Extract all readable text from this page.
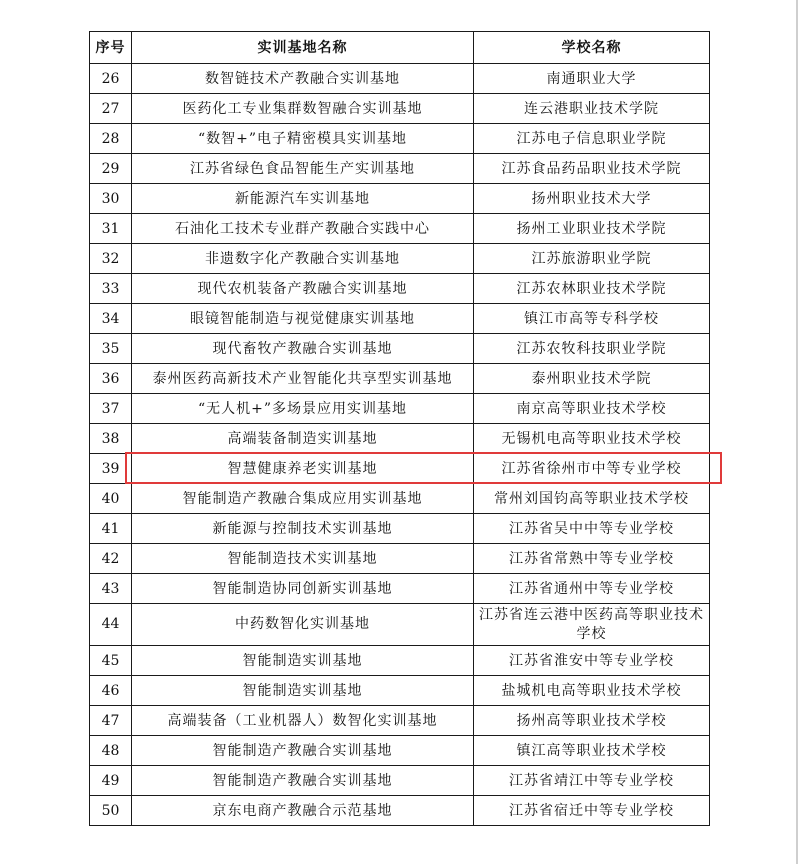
序号	实训基地名称	学校名称
26	数智链技术产教融合实训基地	南通职业大学
27	医药化工专业集群数智融合实训基地	连云港职业技术学院
28	“数智+”电子精密模具实训基地	江苏电子信息职业学院
29	江苏省绿色食品智能生产实训基地	江苏食品药品职业技术学院
30	新能源汽车实训基地	扬州职业技术大学
31	石油化工技术专业群产教融合实践中心	扬州工业职业技术学院
32	非遗数字化产教融合实训基地	江苏旅游职业学院
33	现代农机装备产教融合实训基地	江苏农林职业技术学院
34	眼镜智能制造与视觉健康实训基地	镇江市高等专科学校
35	现代畜牧产教融合实训基地	江苏农牧科技职业学院
36	泰州医药高新技术产业智能化共享型实训基地	泰州职业技术学院
37	“无人机+”多场景应用实训基地	南京高等职业技术学校
38	高端装备制造实训基地	无锡机电高等职业技术学校
39	智慧健康养老实训基地	江苏省徐州市中等专业学校
40	智能制造产教融合集成应用实训基地	常州刘国钧高等职业技术学校
41	新能源与控制技术实训基地	江苏省吴中中等专业学校
42	智能制造技术实训基地	江苏省常熟中等专业学校
43	智能制造协同创新实训基地	江苏省通州中等专业学校
44	中药数智化实训基地	江苏省连云港中医药高等职业技术学校
45	智能制造实训基地	江苏省淮安中等专业学校
46	智能制造实训基地	盐城机电高等职业技术学校
47	高端装备（工业机器人）数智化实训基地	扬州高等职业技术学校
48	智能制造产教融合实训基地	镇江高等职业技术学校
49	智能制造产教融合实训基地	江苏省靖江中等专业学校
50	京东电商产教融合示范基地	江苏省宿迁中等专业学校
